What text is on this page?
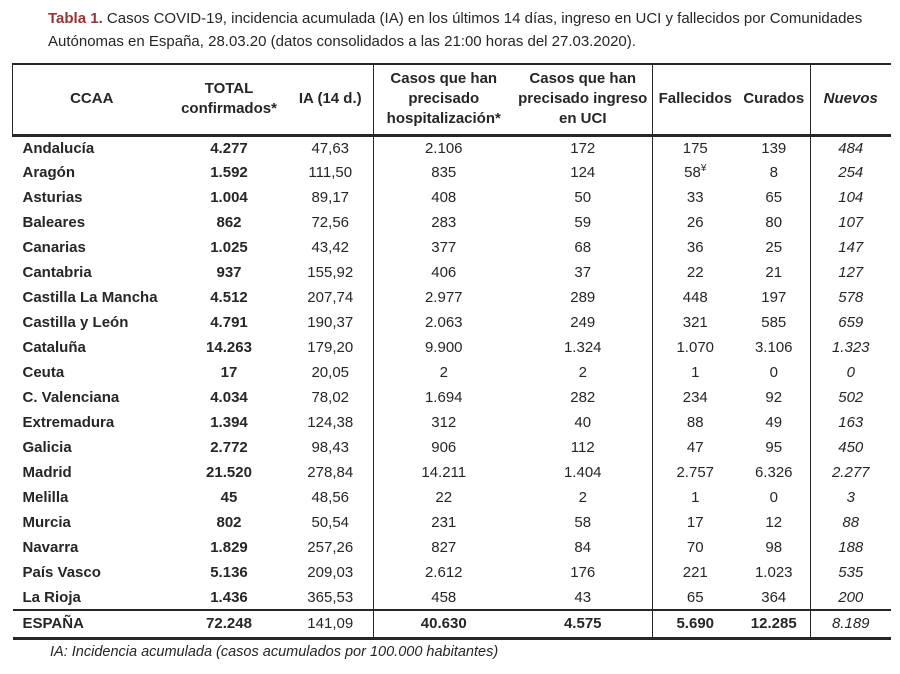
Tabla 1. Casos COVID-19, incidencia acumulada (IA) en los últimos 14 días, ingreso en UCI y fallecidos por Comunidades Autónomas en España, 28.03.20 (datos consolidados a las 21:00 horas del 27.03.2020).

CCAA	TOTAL confirmados*	IA (14 d.)	Casos que han precisado hospitalización*	Casos que han precisado ingreso en UCI	Fallecidos	Curados	Nuevos
Andalucía	4.277	47,63	2.106	172	175	139	484
Aragón	1.592	111,50	835	124	58¥	8	254
Asturias	1.004	89,17	408	50	33	65	104
Baleares	862	72,56	283	59	26	80	107
Canarias	1.025	43,42	377	68	36	25	147
Cantabria	937	155,92	406	37	22	21	127
Castilla La Mancha	4.512	207,74	2.977	289	448	197	578
Castilla y León	4.791	190,37	2.063	249	321	585	659
Cataluña	14.263	179,20	9.900	1.324	1.070	3.106	1.323
Ceuta	17	20,05	2	2	1	0	0
C. Valenciana	4.034	78,02	1.694	282	234	92	502
Extremadura	1.394	124,38	312	40	88	49	163
Galicia	2.772	98,43	906	112	47	95	450
Madrid	21.520	278,84	14.211	1.404	2.757	6.326	2.277
Melilla	45	48,56	22	2	1	0	3
Murcia	802	50,54	231	58	17	12	88
Navarra	1.829	257,26	827	84	70	98	188
País Vasco	5.136	209,03	2.612	176	221	1.023	535
La Rioja	1.436	365,53	458	43	65	364	200
ESPAÑA	72.248	141,09	40.630	4.575	5.690	12.285	8.189

IA: Incidencia acumulada (casos acumulados por 100.000 habitantes)
